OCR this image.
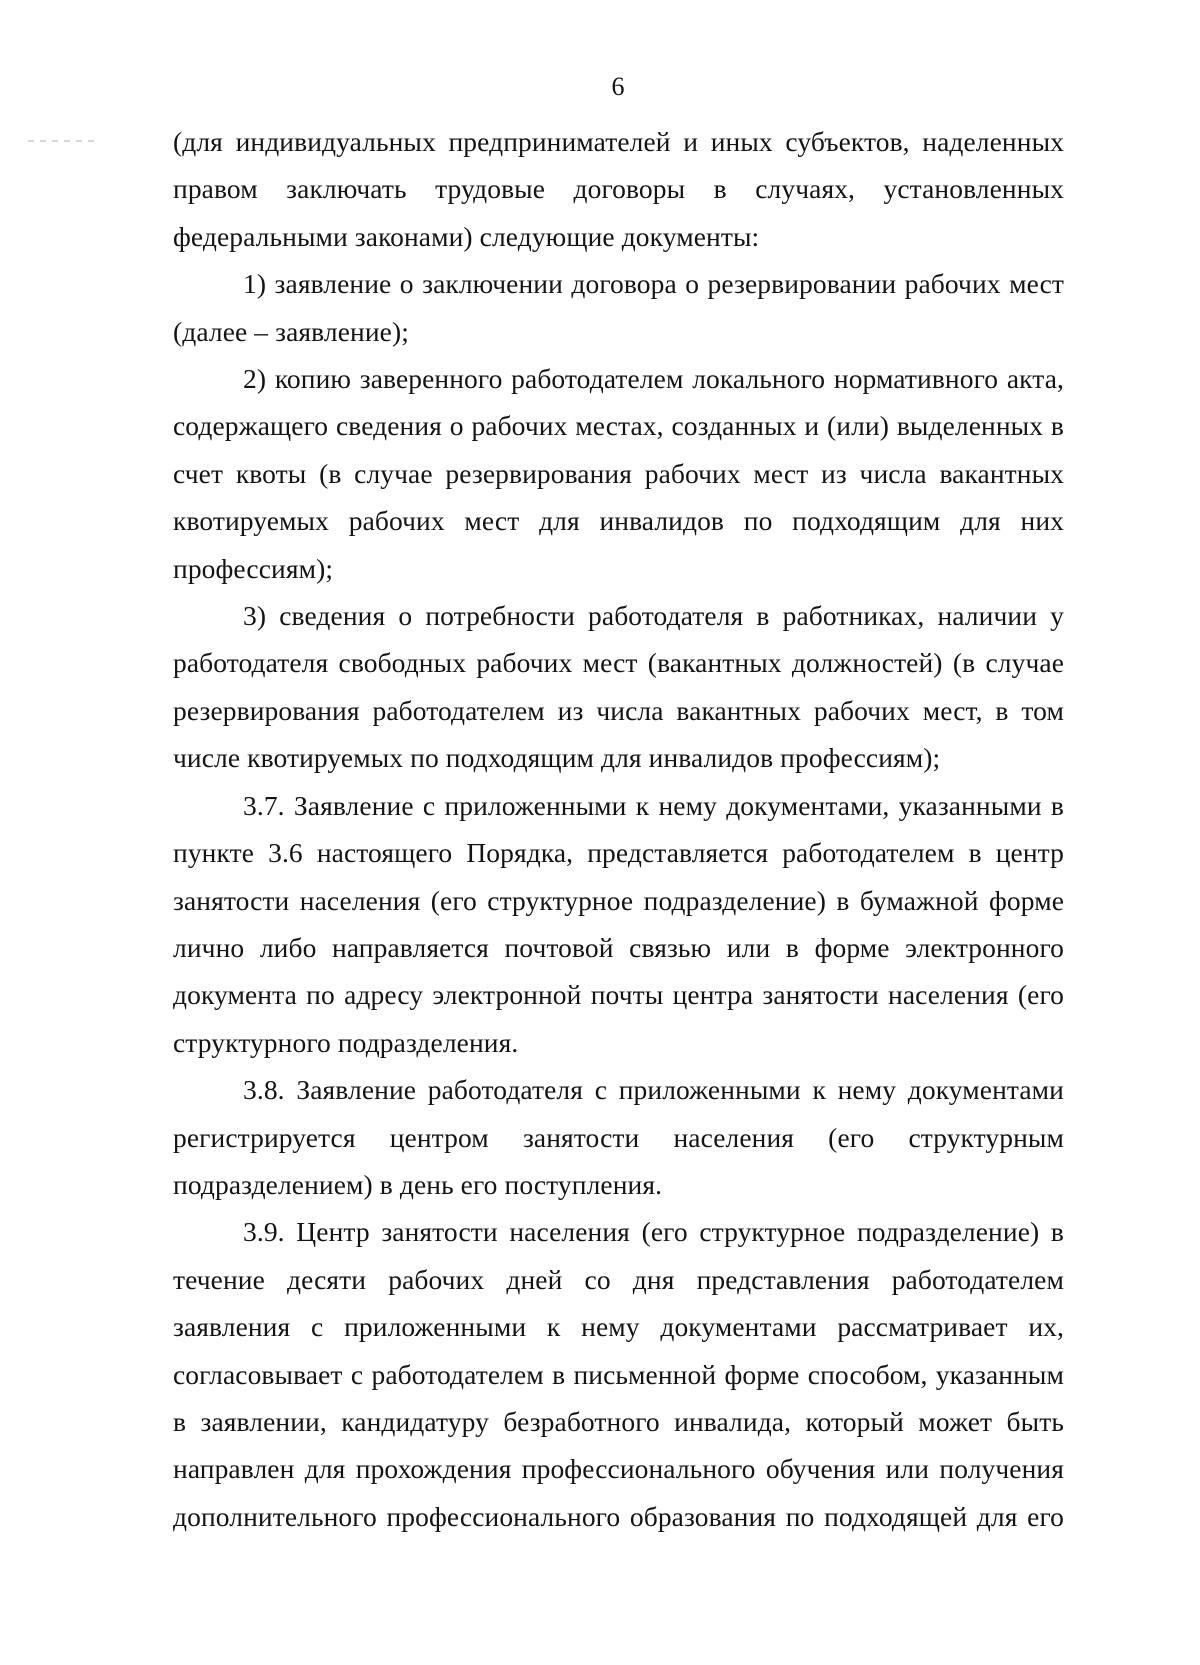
6

(для индивидуальных предпринимателей и иных субъектов, наделенных правом заключать трудовые договоры в случаях, установленных федеральными законами) следующие документы:

1) заявление о заключении договора о резервировании рабочих мест (далее – заявление);

2) копию заверенного работодателем локального нормативного акта, содержащего сведения о рабочих местах, созданных и (или) выделенных в счет квоты (в случае резервирования рабочих мест из числа вакантных квотируемых рабочих мест для инвалидов по подходящим для них профессиям);

3) сведения о потребности работодателя в работниках, наличии у работодателя свободных рабочих мест (вакантных должностей) (в случае резервирования работодателем из числа вакантных рабочих мест, в том числе квотируемых по подходящим для инвалидов профессиям);

3.7. Заявление с приложенными к нему документами, указанными в пункте 3.6 настоящего Порядка, представляется работодателем в центр занятости населения (его структурное подразделение) в бумажной форме лично либо направляется почтовой связью или в форме электронного документа по адресу электронной почты центра занятости населения (его структурного подразделения.

3.8. Заявление работодателя с приложенными к нему документами регистрируется центром занятости населения (его структурным подразделением) в день его поступления.

3.9. Центр занятости населения (его структурное подразделение) в течение десяти рабочих дней со дня представления работодателем заявления с приложенными к нему документами рассматривает их, согласовывает с работодателем в письменной форме способом, указанным в заявлении, кандидатуру безработного инвалида, который может быть направлен для прохождения профессионального обучения или получения дополнительного профессионального образования по подходящей для его
